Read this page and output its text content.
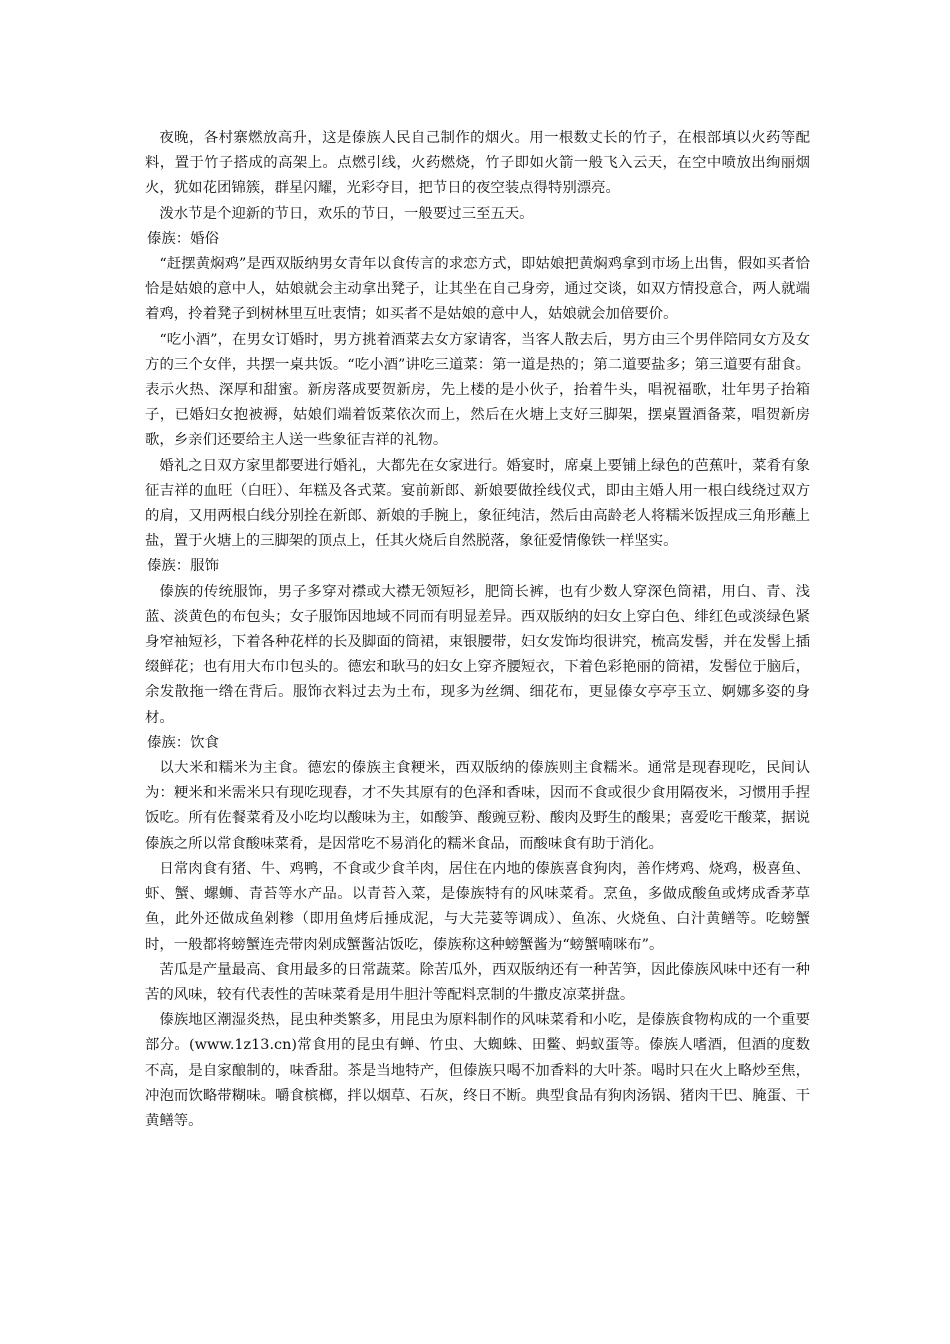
夜晚，各村寨燃放高升，这是傣族人民自己制作的烟火。用一根数丈长的竹子，在根部填以火药等配料，置于竹子搭成的高架上。点燃引线，火药燃烧，竹子即如火箭一般飞入云天，在空中喷放出绚丽烟火，犹如花团锦簇，群星闪耀，光彩夺目，把节日的夜空装点得特别漂亮。

泼水节是个迎新的节日，欢乐的节日，一般要过三至五天。

傣族：婚俗

“赶摆黄焖鸡”是西双版纳男女青年以食传言的求恋方式，即姑娘把黄焖鸡拿到市场上出售，假如买者恰恰是姑娘的意中人，姑娘就会主动拿出凳子，让其坐在自己身旁，通过交谈，如双方情投意合，两人就端着鸡，拎着凳子到树林里互吐衷情；如买者不是姑娘的意中人，姑娘就会加倍要价。

“吃小酒”，在男女订婚时，男方挑着酒菜去女方家请客，当客人散去后，男方由三个男伴陪同女方及女方的三个女伴，共摆一桌共饭。“吃小酒”讲吃三道菜：第一道是热的；第二道要盐多；第三道要有甜食。表示火热、深厚和甜蜜。新房落成要贺新房，先上楼的是小伙子，抬着牛头，唱祝福歌，壮年男子抬箱子，已婚妇女抱被褥，姑娘们端着饭菜依次而上，然后在火塘上支好三脚架，摆桌置酒备菜，唱贺新房歌，乡亲们还要给主人送一些象征吉祥的礼物。

婚礼之日双方家里都要进行婚礼，大都先在女家进行。婚宴时，席桌上要铺上绿色的芭蕉叶，菜肴有象征吉祥的血旺（白旺）、年糕及各式菜。宴前新郎、新娘要做拴线仪式，即由主婚人用一根白线绕过双方的肩，又用两根白线分别拴在新郎、新娘的手腕上，象征纯洁，然后由高龄老人将糯米饭捏成三角形蘸上盐，置于火塘上的三脚架的顶点上，任其火烧后自然脱落，象征爱情像铁一样坚实。

傣族：服饰

傣族的传统服饰，男子多穿对襟或大襟无领短衫，肥筒长裤，也有少数人穿深色筒裙，用白、青、浅蓝、淡黄色的布包头；女子服饰因地域不同而有明显差异。西双版纳的妇女上穿白色、绯红色或淡绿色紧身窄袖短衫，下着各种花样的长及脚面的筒裙，束银腰带，妇女发饰均很讲究，梳高发髻，并在发髻上插缀鲜花；也有用大布巾包头的。德宏和耿马的妇女上穿齐腰短衣，下着色彩艳丽的筒裙，发髻位于脑后，余发散拖一绺在背后。服饰衣料过去为土布，现多为丝绸、细花布，更显傣女亭亭玉立、婀娜多姿的身材。

傣族：饮食

以大米和糯米为主食。德宏的傣族主食粳米，西双版纳的傣族则主食糯米。通常是现舂现吃，民间认为：粳米和米需米只有现吃现舂，才不失其原有的色泽和香味，因而不食或很少食用隔夜米，习惯用手捏饭吃。所有佐餐菜肴及小吃均以酸味为主，如酸笋、酸豌豆粉、酸肉及野生的酸果；喜爱吃干酸菜，据说傣族之所以常食酸味菜肴，是因常吃不易消化的糯米食品，而酸味食有助于消化。

日常肉食有猪、牛、鸡鸭，不食或少食羊肉，居住在内地的傣族喜食狗肉，善作烤鸡、烧鸡，极喜鱼、虾、蟹、螺蛳、青苔等水产品。以青苔入菜，是傣族特有的风味菜肴。烹鱼，多做成酸鱼或烤成香茅草鱼，此外还做成鱼剁糁（即用鱼烤后捶成泥，与大芫荽等调成）、鱼冻、火烧鱼、白汁黄鳝等。吃螃蟹时，一般都将螃蟹连壳带肉剁成蟹酱沾饭吃，傣族称这种螃蟹酱为“螃蟹喃咪布”。

苦瓜是产量最高、食用最多的日常蔬菜。除苦瓜外，西双版纳还有一种苦笋，因此傣族风味中还有一种苦的风味，较有代表性的苦味菜肴是用牛胆汁等配料烹制的牛撒皮凉菜拼盘。

傣族地区潮湿炎热，昆虫种类繁多，用昆虫为原料制作的风味菜肴和小吃，是傣族食物构成的一个重要部分。(www.1z13.cn)常食用的昆虫有蝉、竹虫、大蜘蛛、田鳖、蚂蚁蛋等。傣族人嗜酒，但酒的度数不高，是自家酿制的，味香甜。茶是当地特产，但傣族只喝不加香料的大叶茶。喝时只在火上略炒至焦，冲泡而饮略带糊味。嚼食槟榔，拌以烟草、石灰，终日不断。典型食品有狗肉汤锅、猪肉干巴、腌蛋、干黄鳝等。
